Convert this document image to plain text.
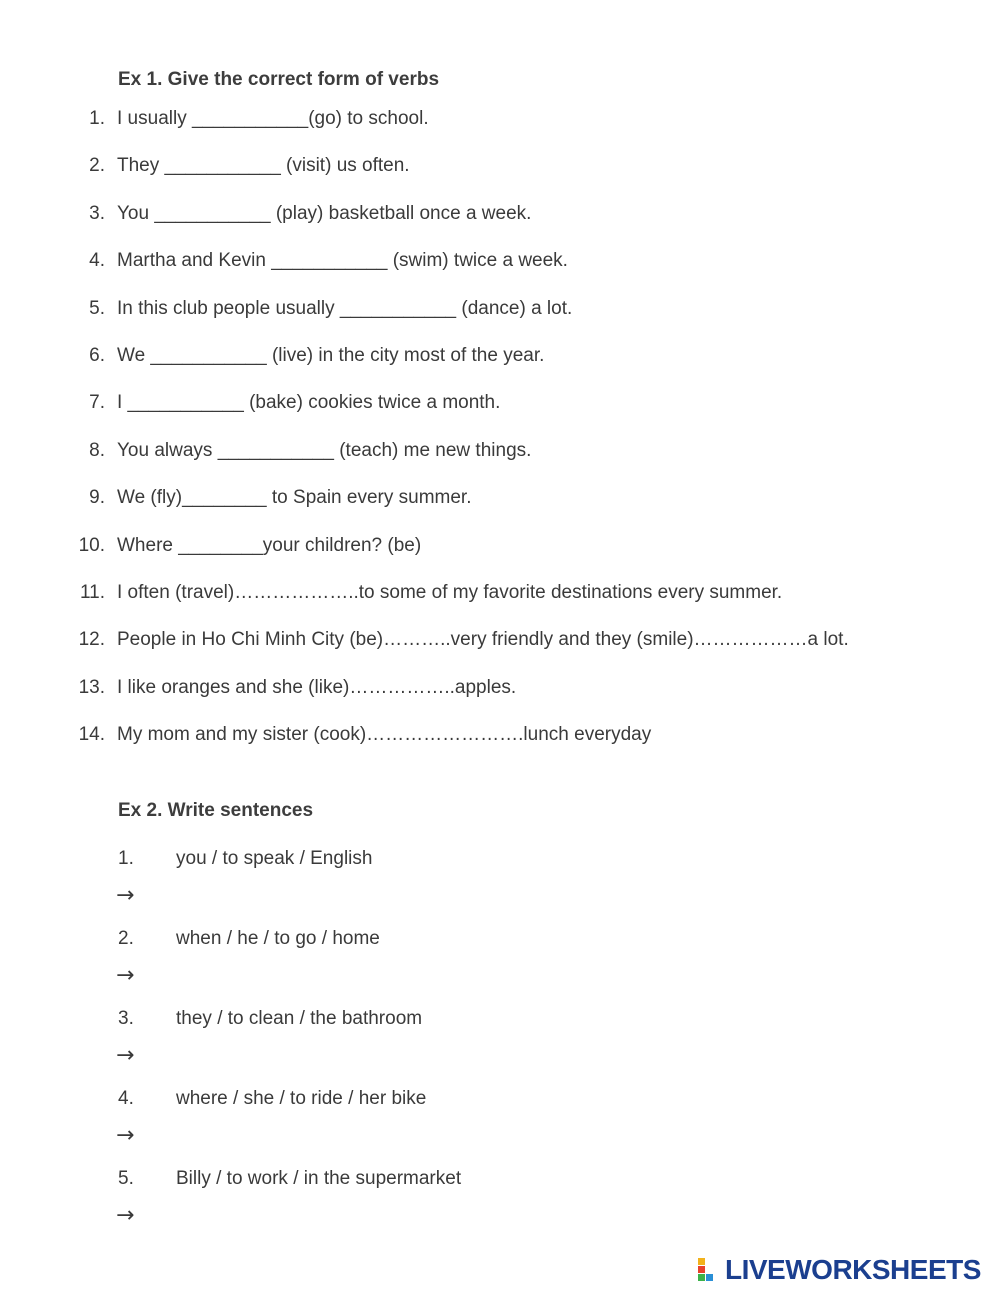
Ex 1. Give the correct form of verbs
1. I usually ___________(go) to school.
2. They ___________ (visit) us often.
3. You ___________ (play) basketball once a week.
4. Martha and Kevin ___________ (swim) twice a week.
5. In this club people usually ___________ (dance) a lot.
6. We ___________ (live) in the city most of the year.
7. I ___________ (bake) cookies twice a month.
8. You always ___________ (teach) me new things.
9. We (fly)________ to Spain every summer.
10. Where ________your children? (be)
11. I often (travel)………………..to some of my favorite destinations every summer.
12. People in Ho Chi Minh City (be)………..very friendly and they (smile)………………a lot.
13. I like oranges and she (like)……………..apples.
14. My mom and my sister (cook)…………………….lunch everyday
Ex 2. Write sentences
1. you / to speak / English
→
2. when / he / to go / home
→
3. they / to clean / the bathroom
→
4. where / she / to ride / her bike
→
5. Billy / to work / in the supermarket
→
LIVEWORKSHEETS
